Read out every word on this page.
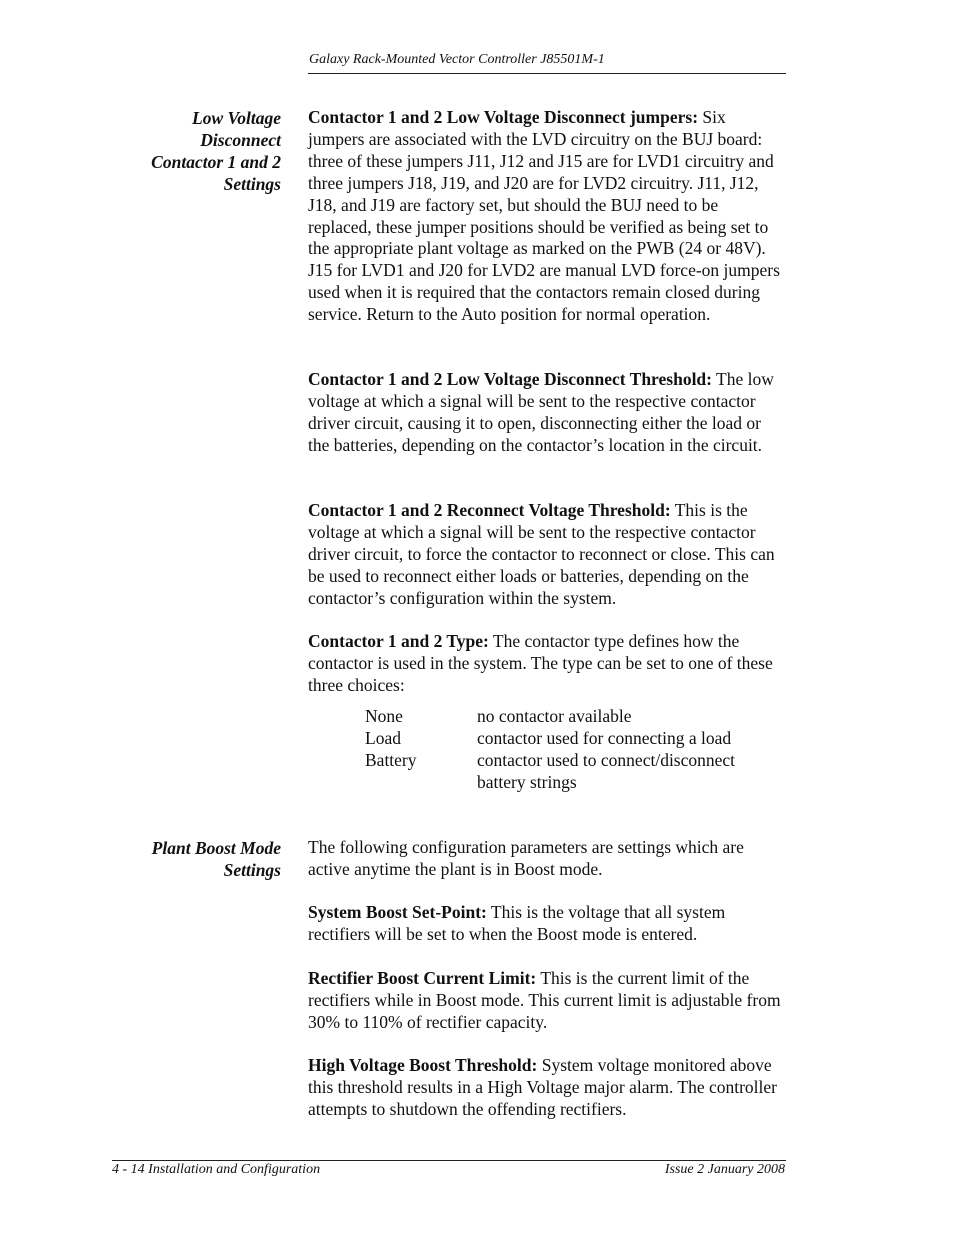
Galaxy Rack-Mounted Vector Controller J85501M-1
Low Voltage
Disconnect
Contactor 1 and 2
Settings
Contactor 1 and 2 Low Voltage Disconnect jumpers: Six jumpers are associated with the LVD circuitry on the BUJ board: three of these jumpers J11, J12 and J15 are for LVD1 circuitry and three jumpers J18, J19, and J20 are for LVD2 circuitry. J11, J12, J18, and J19 are factory set, but should the BUJ need to be replaced, these jumper positions should be verified as being set to the appropriate plant voltage as marked on the PWB (24 or 48V). J15 for LVD1 and J20 for LVD2 are manual LVD force-on jumpers used when it is required that the contactors remain closed during service. Return to the Auto position for normal operation.
Contactor 1 and 2 Low Voltage Disconnect Threshold: The low voltage at which a signal will be sent to the respective contactor driver circuit, causing it to open, disconnecting either the load or the batteries, depending on the contactor’s location in the circuit.
Contactor 1 and 2 Reconnect Voltage Threshold: This is the voltage at which a signal will be sent to the respective contactor driver circuit, to force the contactor to reconnect or close. This can be used to reconnect either loads or batteries, depending on the contactor’s configuration within the system.
Contactor 1 and 2 Type: The contactor type defines how the contactor is used in the system. The type can be set to one of these three choices:
None	no contactor available
Load	contactor used for connecting a load
Battery	contactor used to connect/disconnect battery strings
Plant Boost Mode
Settings
The following configuration parameters are settings which are active anytime the plant is in Boost mode.
System Boost Set-Point: This is the voltage that all system rectifiers will be set to when the Boost mode is entered.
Rectifier Boost Current Limit: This is the current limit of the rectifiers while in Boost mode. This current limit is adjustable from 30% to 110% of rectifier capacity.
High Voltage Boost Threshold: System voltage monitored above this threshold results in a High Voltage major alarm. The controller attempts to shutdown the offending rectifiers.
4 - 14 Installation and Configuration	Issue 2 January 2008
